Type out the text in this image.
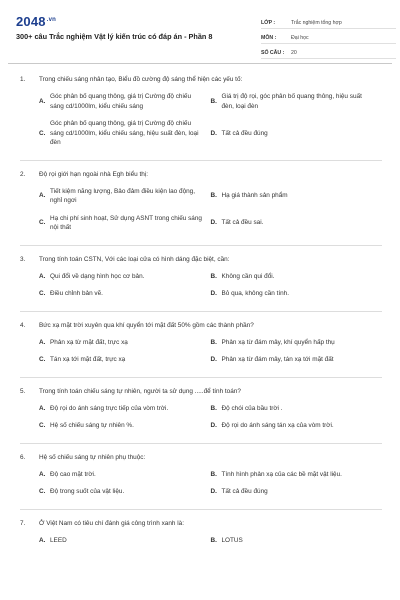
$2048^{.vn}$
300+ câu Trắc nghiệm Vật lý kiến trúc có đáp án - Phần 8
LỚP :	Trắc nghiệm tổng hợp
MÔN :	Đại học
SỐ CÂU :	20
1.	Trong chiếu sáng nhân tạo, Biểu đồ cường độ sáng thể hiện các yếu tố:
A.
Góc phân bố quang thông, giá trị Cường độ chiếu sáng cd/1000lm, kiểu chiếu sáng
B.
Giá trị độ rọi, góc phân bố quang thông, hiệu suất đèn, loại đèn
C.
Góc phân bố quang thông, giá trị Cường độ chiếu sáng cd/1000lm, kiểu chiếu sáng, hiệu suất đèn, loại đèn
D. Tất cả đều đúng
2.	Độ rọi giới hạn ngoài nhà Egh biểu thị:
A.
Tiết kiệm năng lượng, Bảo đảm điều kiện lao động, nghỉ ngơi
B. Hạ giá thành sản phẩm
C.
Hạ chi phí sinh hoạt, Sử dụng ASNT trong chiếu sáng nội thất
D. Tất cả đều sai.
3.	Trong tính toán CSTN, Với các loại cửa có hình dáng đặc biệt, cần:
A. Qui đổi về dạng hình học cơ bản.	B. Không cần qui đổi.
C. Điều chỉnh bản vẽ.	D. Bỏ qua, không cần tính.
4.	Bức xạ mặt trời xuyên qua khí quyển tới mặt đất 50% gồm các thành phần?
A. Phản xạ từ mặt đất, trực xạ	B. Phản xạ từ đám mây, khí quyển hấp thụ
C. Tán xạ tới mặt đất, trực xạ	D. Phản xạ từ đám mây, tán xạ tới mặt đất
5.	Trong tính toán chiếu sáng tự nhiên, người ta sử dụng .....để tính toán?
A. Độ rọi do ánh sáng trực tiếp của vòm trời.	B. Độ chói của bầu trời .
C. Hệ số chiếu sáng tự nhiên %.	D. Độ rọi do ánh sáng tán xạ của vòm trời.
6.	Hệ số chiếu sáng tự nhiên phụ thuộc:
A. Độ cao mặt trời.	B. Tính hình phản xạ của các bề mặt vật liệu.
C. Độ trong suốt của vật liệu.	D. Tất cả đều đúng
7.	Ở Việt Nam có tiêu chí đánh giá công trình xanh là:
A. LEED	B. LOTUS
